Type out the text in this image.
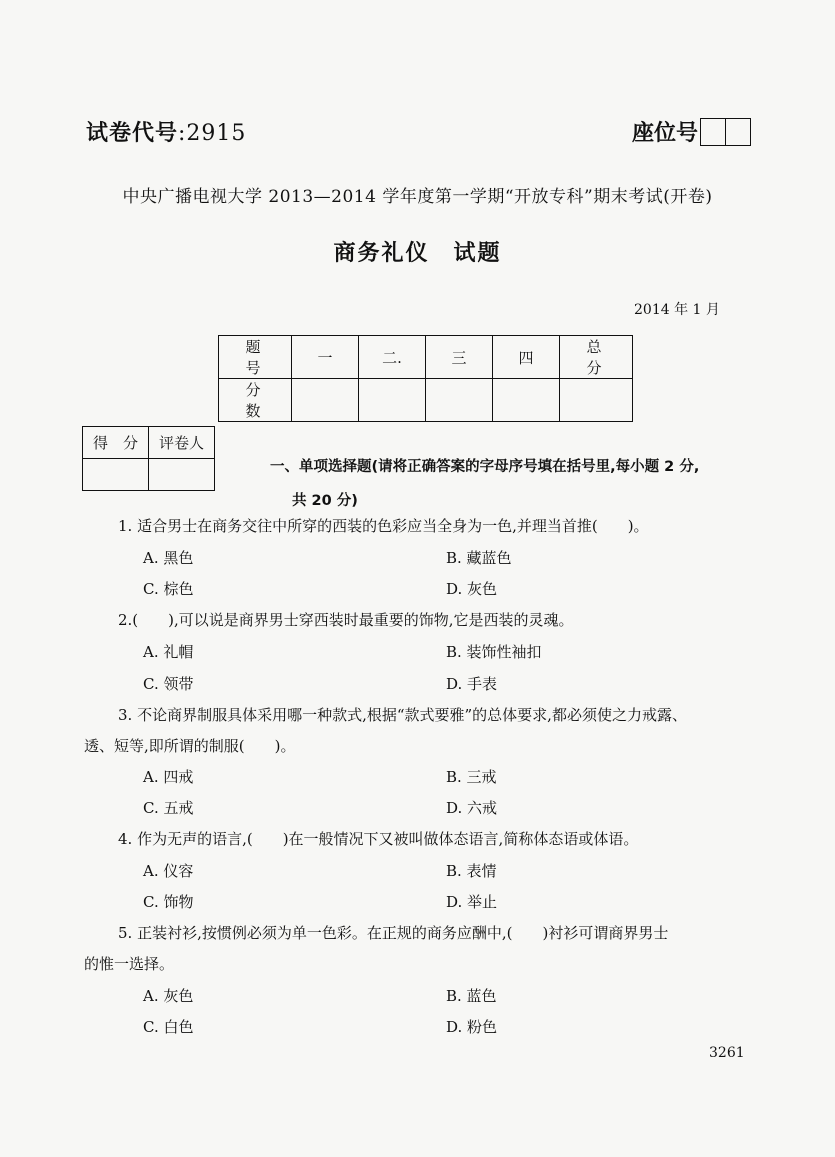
试卷代号:2915	座位号
中央广播电视大学 2013—2014 学年度第一学期“开放专科”期末考试(开卷)
商务礼仪　试题
2014 年 1 月
题　号	一	二.	三	四	总　分
分　数					
得　分	评卷人

一、单项选择题(请将正确答案的字母序号填在括号里,每小题 2 分,
共 20 分)
1. 适合男士在商务交往中所穿的西装的色彩应当全身为一色,并理当首推(　　)。
A. 黑色	B. 藏蓝色
C. 棕色	D. 灰色
2.(　　),可以说是商界男士穿西装时最重要的饰物,它是西装的灵魂。
A. 礼帽	B. 装饰性袖扣
C. 领带	D. 手表
3. 不论商界制服具体采用哪一种款式,根据“款式要雅”的总体要求,都必须使之力戒露、
透、短等,即所谓的制服(　　)。
A. 四戒	B. 三戒
C. 五戒	D. 六戒
4. 作为无声的语言,(　　)在一般情况下又被叫做体态语言,简称体态语或体语。
A. 仪容	B. 表情
C. 饰物	D. 举止
5. 正装衬衫,按惯例必须为单一色彩。在正规的商务应酬中,(　　)衬衫可谓商界男士
的惟一选择。
A. 灰色	B. 蓝色
C. 白色	D. 粉色
3261
